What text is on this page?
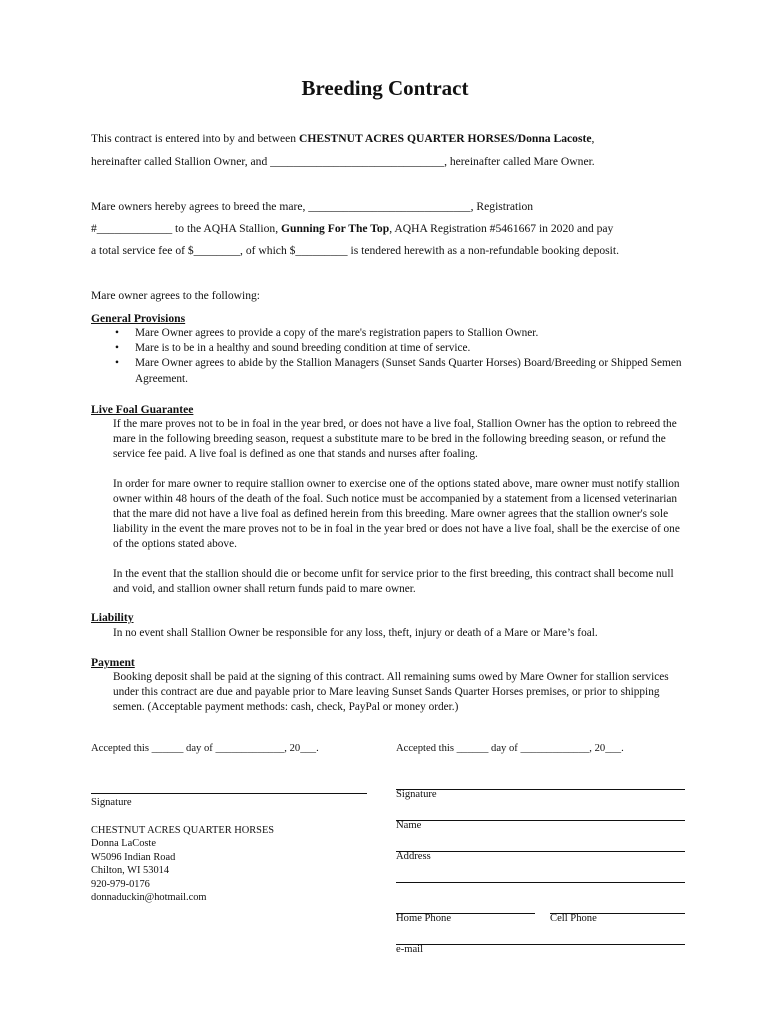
Breeding Contract
This contract is entered into by and between CHESTNUT ACRES QUARTER HORSES/Donna Lacoste,
hereinafter called Stallion Owner, and ______________________________, hereinafter called Mare Owner.
Mare owners hereby agrees to breed the mare, ____________________________, Registration
#_____________ to the AQHA Stallion, Gunning For The Top, AQHA Registration #5461667 in 2020 and pay
a total service fee of $________, of which $_________ is tendered herewith as a non-refundable booking deposit.
Mare owner agrees to the following:
General Provisions
• Mare Owner agrees to provide a copy of the mare's registration papers to Stallion Owner.
• Mare is to be in a healthy and sound breeding condition at time of service.
• Mare Owner agrees to abide by the Stallion Managers (Sunset Sands Quarter Horses) Board/Breeding or Shipped Semen Agreement.
Live Foal Guarantee
If the mare proves not to be in foal in the year bred, or does not have a live foal, Stallion Owner has the option to rebreed the mare in the following breeding season, request a substitute mare to be bred in the following breeding season, or refund the service fee paid. A live foal is defined as one that stands and nurses after foaling.
In order for mare owner to require stallion owner to exercise one of the options stated above, mare owner must notify stallion owner within 48 hours of the death of the foal. Such notice must be accompanied by a statement from a licensed veterinarian that the mare did not have a live foal as defined herein from this breeding. Mare owner agrees that the stallion owner's sole liability in the event the mare proves not to be in foal in the year bred or does not have a live foal, shall be the exercise of one of the options stated above.
In the event that the stallion should die or become unfit for service prior to the first breeding, this contract shall become null and void, and stallion owner shall return funds paid to mare owner.
Liability
In no event shall Stallion Owner be responsible for any loss, theft, injury or death of a Mare or Mare’s foal.
Payment
Booking deposit shall be paid at the signing of this contract. All remaining sums owed by Mare Owner for stallion services under this contract are due and payable prior to Mare leaving Sunset Sands Quarter Horses premises, or prior to shipping semen. (Acceptable payment methods: cash, check, PayPal or money order.)
Accepted this ______ day of _____________, 20___.
Signature
CHESTNUT ACRES QUARTER HORSES
Donna LaCoste
W5096 Indian Road
Chilton, WI 53014
920-979-0176
donnaduckin@hotmail.com
Accepted this ______ day of _____________, 20___.
Signature
Name
Address
Home Phone	Cell Phone
e-mail
